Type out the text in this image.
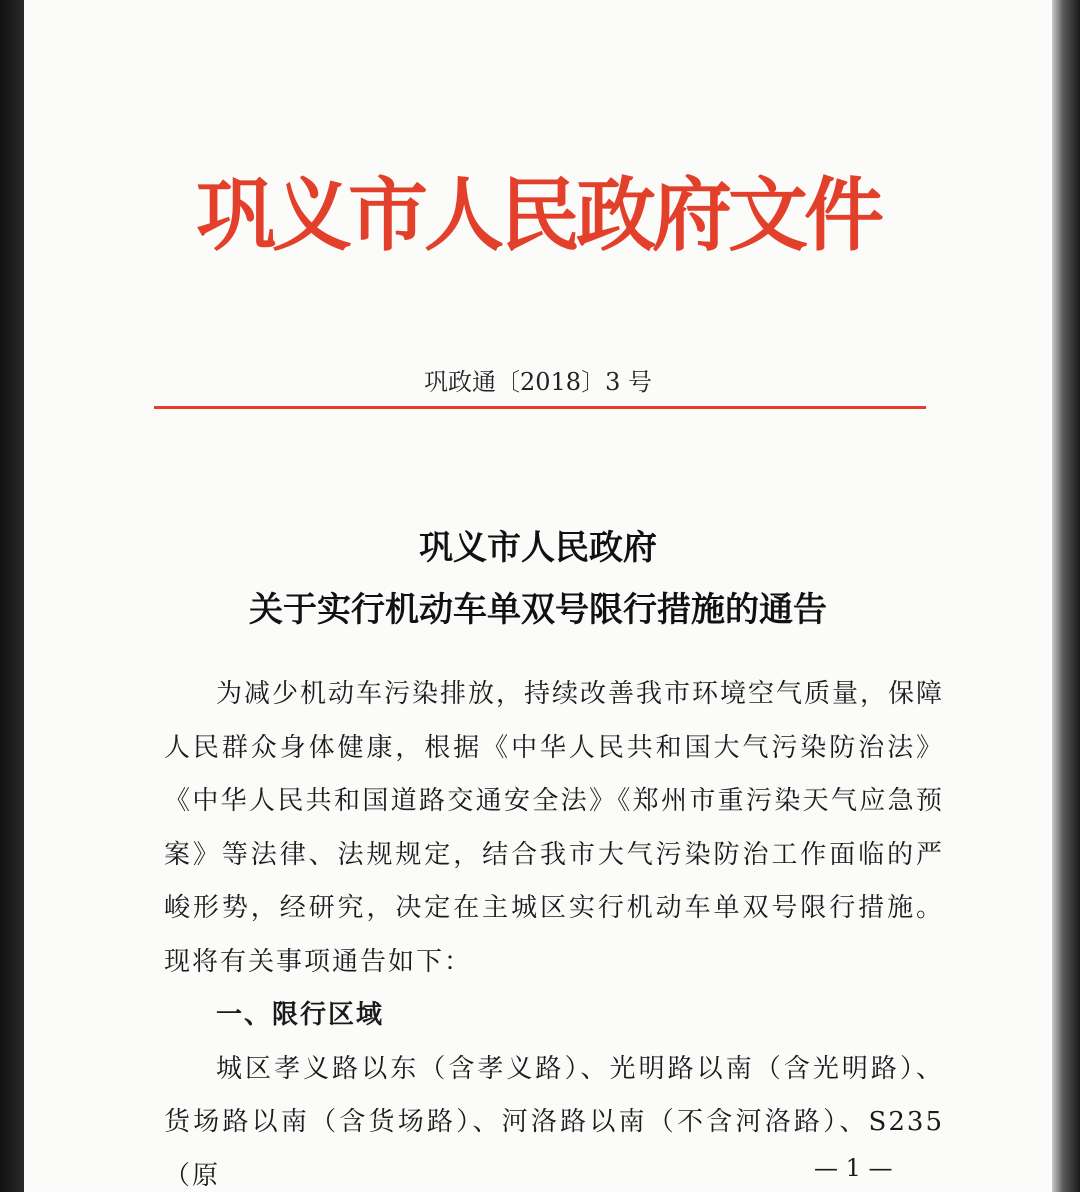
巩义市人民政府文件
巩政通〔2018〕3 号
巩义市人民政府
关于实行机动车单双号限行措施的通告

为减少机动车污染排放，持续改善我市环境空气质量，保障人民群众身体健康，根据《中华人民共和国大气污染防治法》《中华人民共和国道路交通安全法》《郑州市重污染天气应急预案》等法律、法规规定，结合我市大气污染防治工作面临的严峻形势，经研究，决定在主城区实行机动车单双号限行措施。现将有关事项通告如下：

一、限行区域

城区孝义路以东（含孝义路）、光明路以南（含光明路）、货场路以南（含货场路）、河洛路以南（不含河洛路）、S235（原	— 1 —
